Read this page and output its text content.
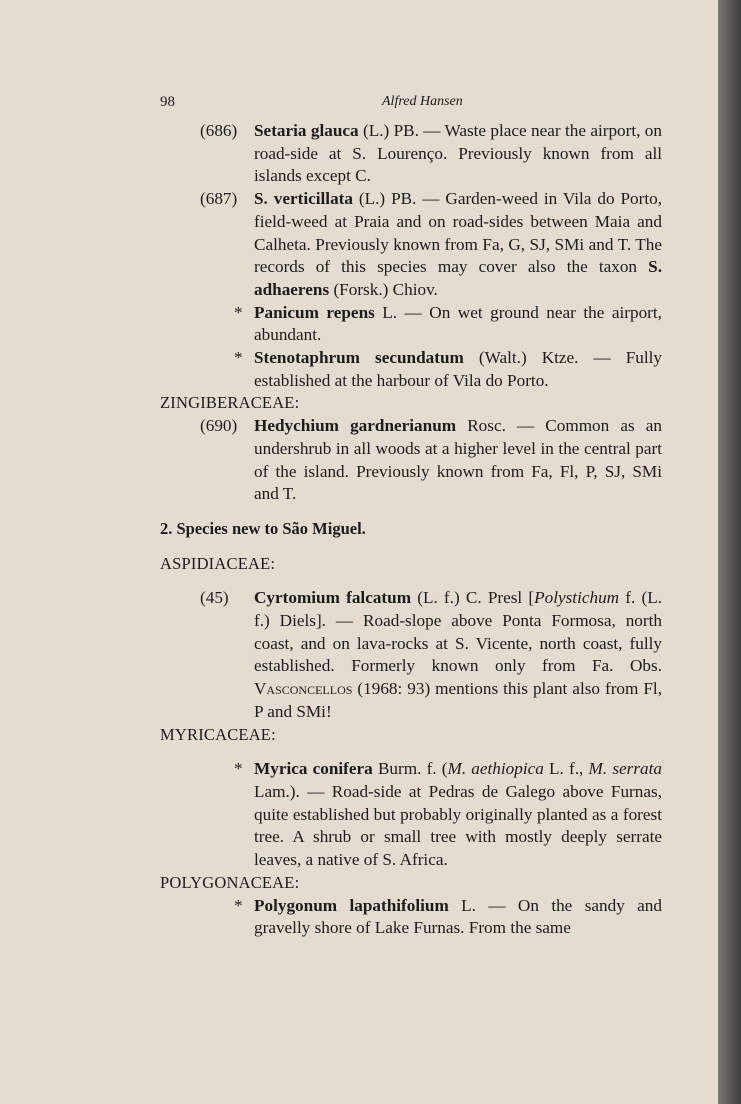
98	Alfred Hansen
(686) Setaria glauca (L.) PB. — Waste place near the airport, on road-side at S. Lourenço. Previously known from all islands except C.
(687) S. verticillata (L.) PB. — Garden-weed in Vila do Porto, field-weed at Praia and on road-sides between Maia and Calheta. Previously known from Fa, G, SJ, SMi and T. The records of this species may cover also the taxon S. adhaerens (Forsk.) Chiov.
* Panicum repens L. — On wet ground near the airport, abundant.
* Stenotaphrum secundatum (Walt.) Ktze. — Fully established at the harbour of Vila do Porto.
ZINGIBERACEAE:
(690) Hedychium gardnerianum Rosc. — Common as an undershrub in all woods at a higher level in the central part of the island. Previously known from Fa, Fl, P, SJ, SMi and T.
2. Species new to São Miguel.
ASPIDIACEAE:
(45) Cyrtomium falcatum (L. f.) C. Presl [Polystichum f. (L. f.) Diels]. — Road-slope above Ponta Formosa, north coast, and on lava-rocks at S. Vicente, north coast, fully established. Formerly known only from Fa. Obs. Vasconcellos (1968: 93) mentions this plant also from Fl, P and SMi!
MYRICACEAE:
* Myrica conifera Burm. f. (M. aethiopica L. f., M. serrata Lam.). — Road-side at Pedras de Galego above Furnas, quite established but probably originally planted as a forest tree. A shrub or small tree with mostly deeply serrate leaves, a native of S. Africa.
POLYGONACEAE:
* Polygonum lapathifolium L. — On the sandy and gravelly shore of Lake Furnas. From the same
